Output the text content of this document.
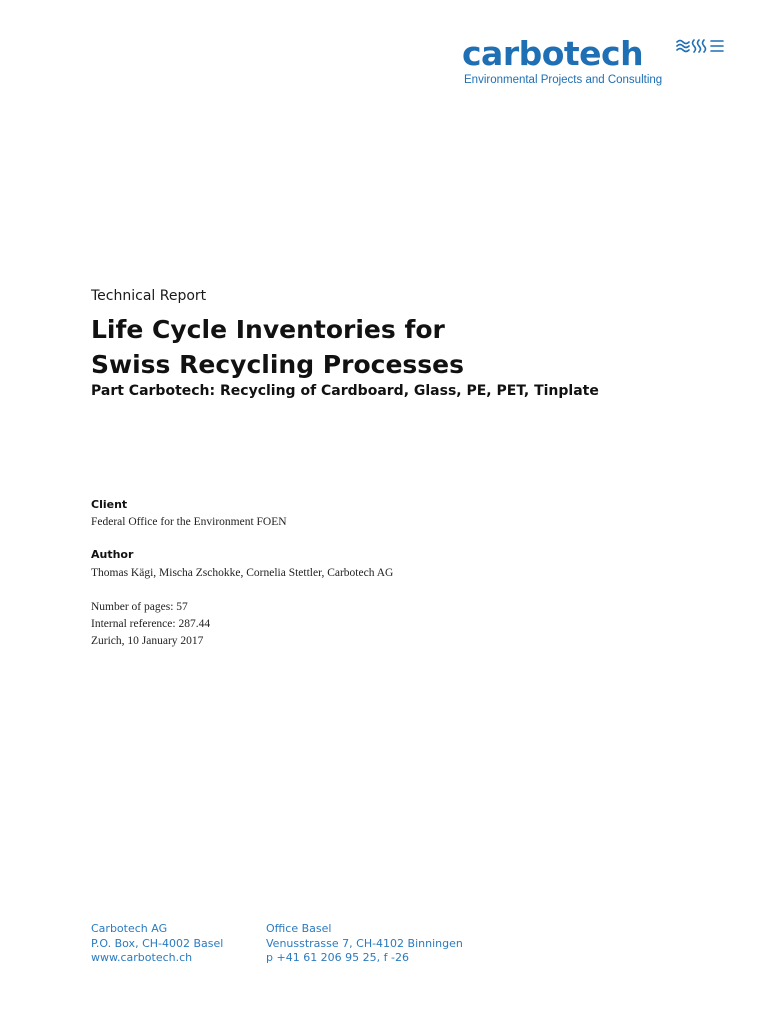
carbotech
Environmental Projects and Consulting
Technical Report
Life Cycle Inventories for
Swiss Recycling Processes
Part Carbotech: Recycling of Cardboard, Glass, PE, PET, Tinplate
Client
Federal Office for the Environment FOEN
Author
Thomas Kägi, Mischa Zschokke, Cornelia Stettler, Carbotech AG
Number of pages: 57
Internal reference: 287.44
Zurich, 10 January 2017
Carbotech AG
P.O. Box, CH-4002 Basel
www.carbotech.ch
Office Basel
Venusstrasse 7, CH-4102 Binningen
p +41 61 206 95 25, f -26
